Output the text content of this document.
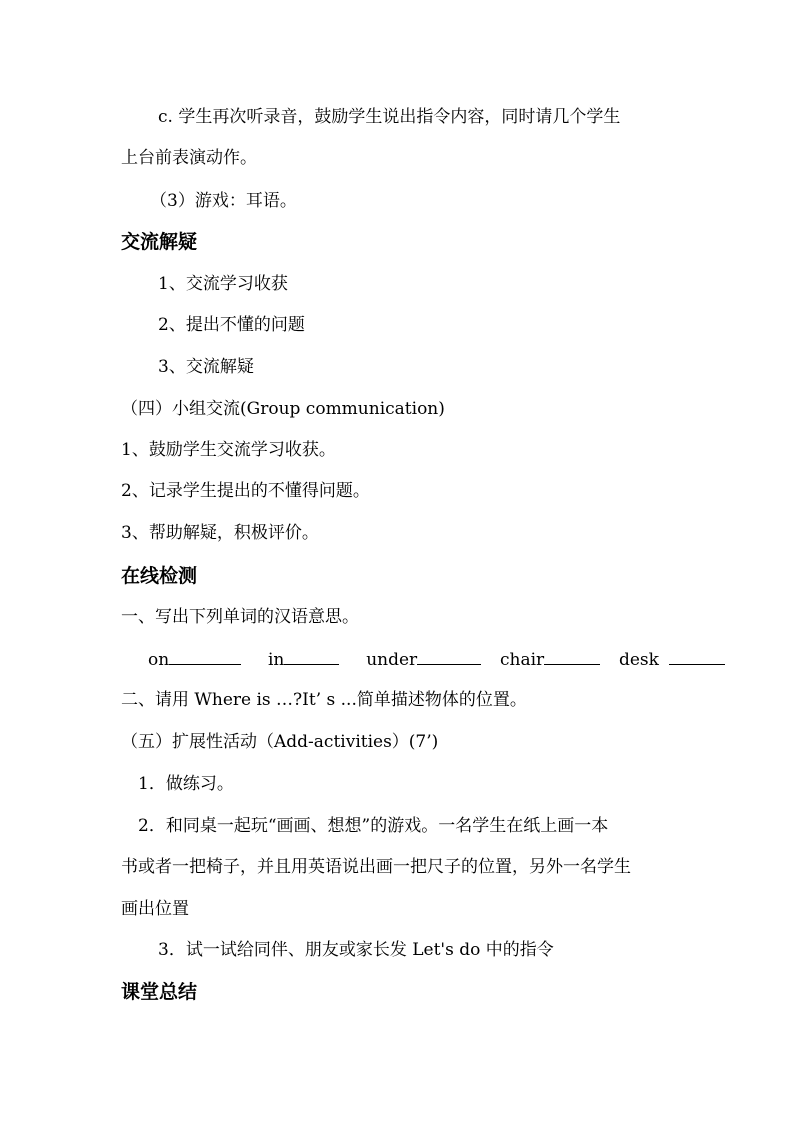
c. 学生再次听录音，鼓励学生说出指令内容，同时请几个学生
上台前表演动作。
（3）游戏：耳语。
交流解疑
1、交流学习收获
2、提出不懂的问题
3、交流解疑
（四）小组交流(Group communication)
1、鼓励学生交流学习收获。
2、记录学生提出的不懂得问题。
3、帮助解疑，积极评价。
在线检测
一、写出下列单词的汉语意思。
on	in	under	chair	desk
二、请用 Where is …?It’ s ...简单描述物体的位置。
（五）扩展性活动（Add-activities）(7’)
1．做练习。
2．和同桌一起玩“画画、想想”的游戏。一名学生在纸上画一本
书或者一把椅子，并且用英语说出画一把尺子的位置，另外一名学生
画出位置
3．试一试给同伴、朋友或家长发 Let's do 中的指令
课堂总结
